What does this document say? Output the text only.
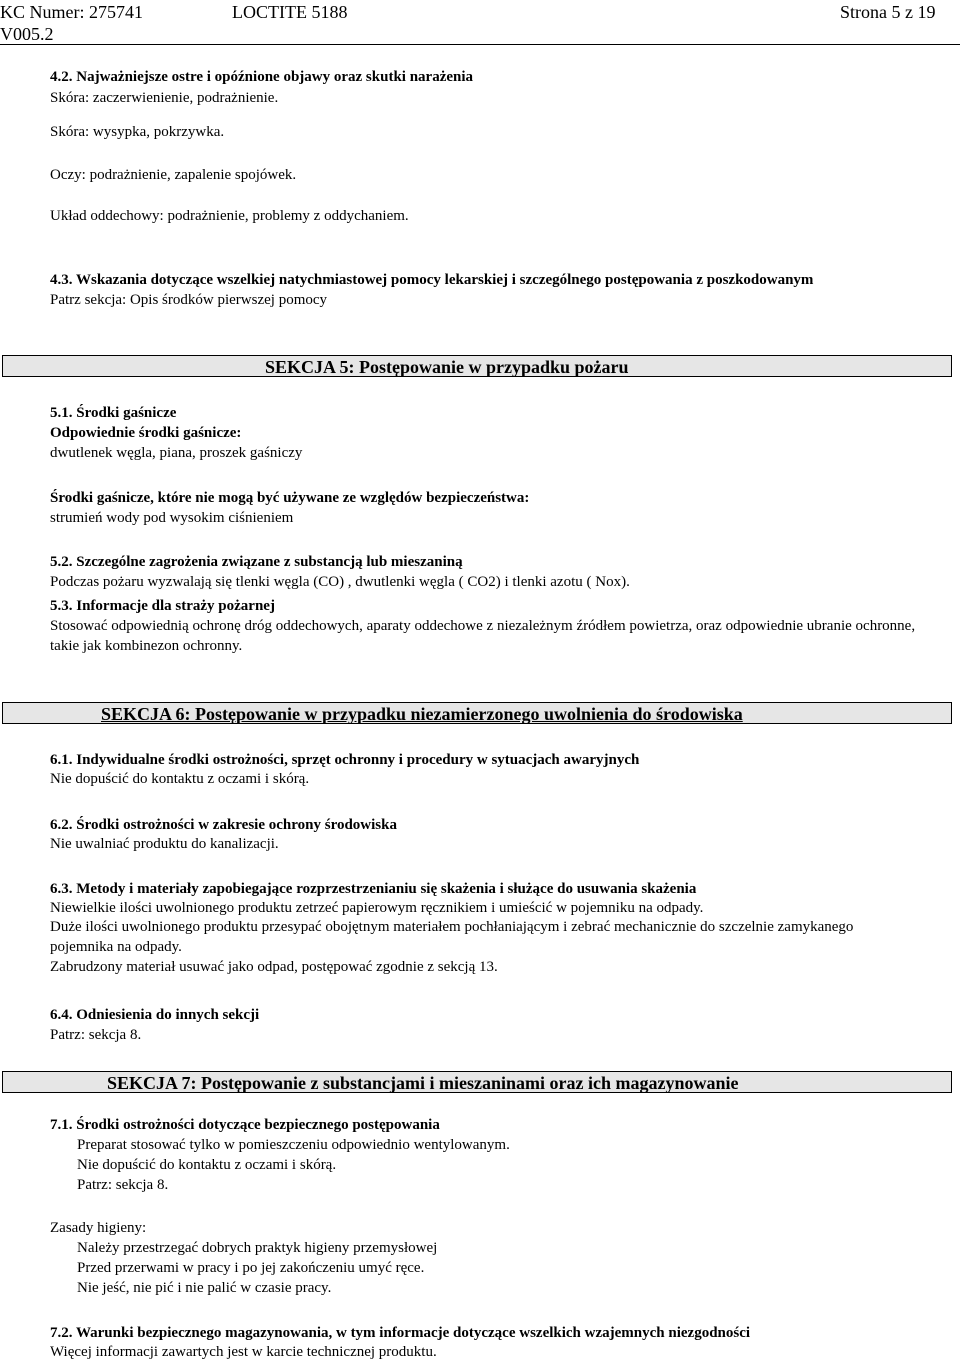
KC Numer: 275741	LOCTITE 5188	Strona 5 z 19
V005.2
4.2. Najważniejsze ostre i opóźnione objawy oraz skutki narażenia
Skóra: zaczerwienienie, podrażnienie.
Skóra: wysypka, pokrzywka.
Oczy: podrażnienie, zapalenie spojówek.
Układ oddechowy: podrażnienie, problemy z oddychaniem.
4.3. Wskazania dotyczące wszelkiej natychmiastowej pomocy lekarskiej i szczególnego postępowania z poszkodowanym
Patrz sekcja: Opis środków pierwszej pomocy
SEKCJA 5: Postępowanie w przypadku pożaru
5.1. Środki gaśnicze
Odpowiednie środki gaśnicze:
dwutlenek węgla, piana, proszek gaśniczy
Środki gaśnicze, które nie mogą być używane ze względów bezpieczeństwa:
strumień wody pod wysokim ciśnieniem
5.2. Szczególne zagrożenia związane z substancją lub mieszaniną
Podczas pożaru wyzwalają się tlenki węgla (CO) , dwutlenki węgla ( CO2) i tlenki azotu ( Nox).
5.3. Informacje dla straży pożarnej
Stosować odpowiednią ochronę dróg oddechowych, aparaty oddechowe z niezależnym źródłem powietrza, oraz odpowiednie ubranie ochronne, takie jak kombinezon ochronny.
SEKCJA 6: Postępowanie w przypadku niezamierzonego uwolnienia do środowiska
6.1. Indywidualne środki ostrożności, sprzęt ochronny i procedury w sytuacjach awaryjnych
Nie dopuścić do kontaktu z oczami i skórą.
6.2. Środki ostrożności w zakresie ochrony środowiska
Nie uwalniać produktu do kanalizacji.
6.3. Metody i materiały zapobiegające rozprzestrzenianiu się skażenia i służące do usuwania skażenia
Niewielkie ilości uwolnionego produktu zetrzeć papierowym ręcznikiem i umieścić w pojemniku na odpady.
Duże ilości uwolnionego produktu przesypać obojętnym materiałem pochłaniającym i zebrać mechanicznie do szczelnie zamykanego pojemnika na odpady.
Zabrudzony materiał usuwać jako odpad, postępować zgodnie z sekcją 13.
6.4. Odniesienia do innych sekcji
Patrz: sekcja 8.
SEKCJA 7: Postępowanie z substancjami i mieszaninami oraz ich magazynowanie
7.1. Środki ostrożności dotyczące bezpiecznego postępowania
Preparat stosować tylko w pomieszczeniu odpowiednio wentylowanym.
Nie dopuścić do kontaktu z oczami i skórą.
Patrz: sekcja 8.
Zasady higieny:
Należy przestrzegać dobrych praktyk higieny przemysłowej
Przed przerwami w pracy i po jej zakończeniu umyć ręce.
Nie jeść, nie pić i nie palić w czasie pracy.
7.2. Warunki bezpiecznego magazynowania, w tym informacje dotyczące wszelkich wzajemnych niezgodności
Więcej informacji zawartych jest w karcie technicznej produktu.
